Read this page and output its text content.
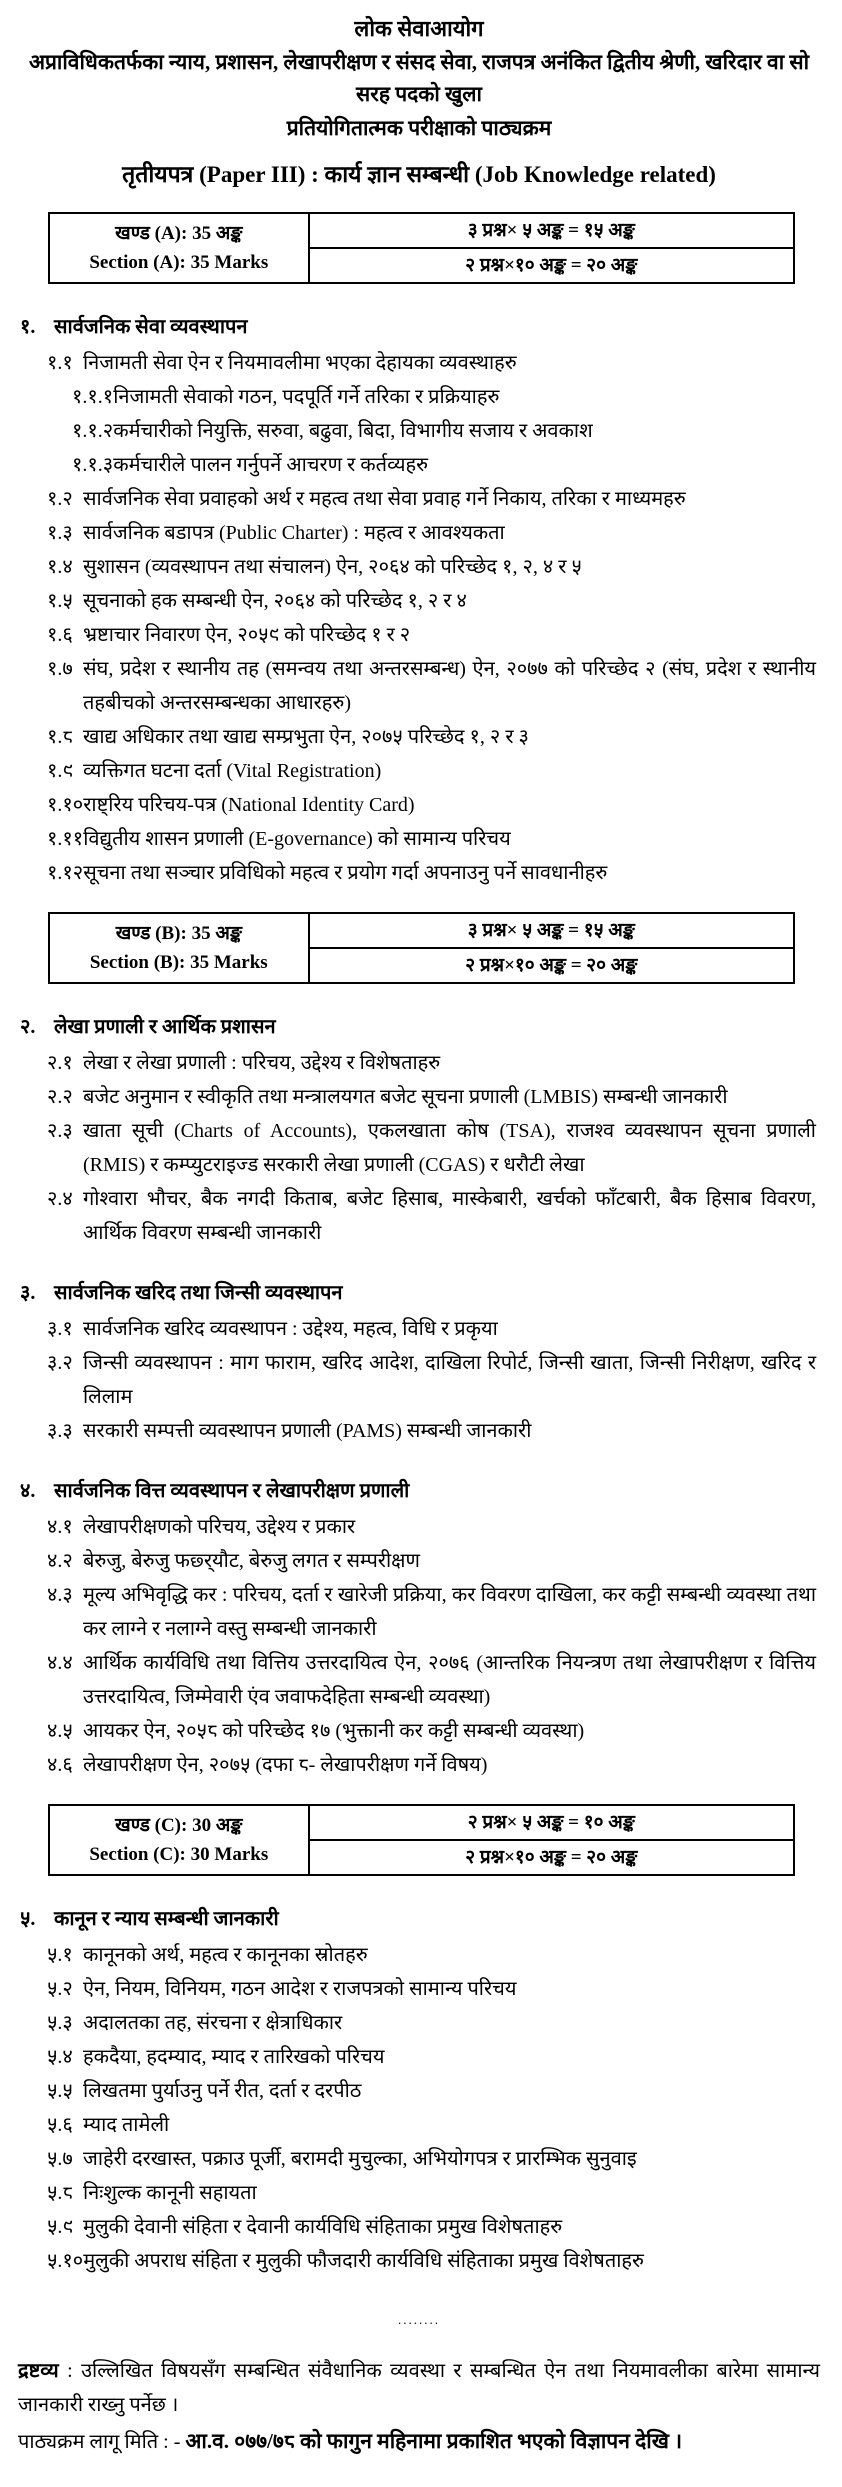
लोक सेवाआयोग
अप्राविधिकतर्फका न्याय, प्रशासन, लेखापरीक्षण र संसद सेवा, राजपत्र अनंकित द्वितीय श्रेणी, खरिदार वा सो सरह पदको खुला
प्रतियोगितात्मक परीक्षाको पाठ्यक्रम
तृतीयपत्र (Paper III) : कार्य ज्ञान सम्बन्धी (Job Knowledge related)
खण्ड (A): 35 अङ्क
Section (A): 35 Marks
	३ प्रश्न× ५ अङ्क = १५ अङ्क
२ प्रश्न×१० अङ्क = २० अङ्क
१. सार्वजनिक सेवा व्यवस्थापन
१.१ निजामती सेवा ऐन र नियमावलीमा भएका देहायका व्यवस्थाहरु
१.१.१ निजामती सेवाको गठन, पदपूर्ति गर्ने तरिका र प्रक्रियाहरु
१.१.२ कर्मचारीको नियुक्ति, सरुवा, बढुवा, बिदा, विभागीय सजाय र अवकाश
१.१.३ कर्मचारीले पालन गर्नुपर्ने आचरण र कर्तव्यहरु
१.२ सार्वजनिक सेवा प्रवाहको अर्थ र महत्व तथा सेवा प्रवाह गर्ने निकाय, तरिका र माध्यमहरु
१.३ सार्वजनिक बडापत्र (Public Charter) : महत्व र आवश्यकता
१.४ सुशासन (व्यवस्थापन तथा संचालन) ऐन, २०६४ को परिच्छेद १, २, ४ र ५
१.५ सूचनाको हक सम्बन्धी ऐन, २०६४ को परिच्छेद १, २ र ४
१.६ भ्रष्टाचार निवारण ऐन, २०५९ को परिच्छेद १ र २
१.७ संघ, प्रदेश र स्थानीय तह (समन्वय तथा अन्तरसम्बन्ध) ऐन, २०७७ को परिच्छेद २ (संघ, प्रदेश र स्थानीय तहबीचको अन्तरसम्बन्धका आधारहरु)
१.८ खाद्य अधिकार तथा खाद्य सम्प्रभुता ऐन, २०७५ परिच्छेद १, २ र ३
१.९ व्यक्तिगत घटना दर्ता (Vital Registration)
१.१० राष्ट्रिय परिचय-पत्र (National Identity Card)
१.११ विद्युतीय शासन प्रणाली (E-governance) को सामान्य परिचय
१.१२ सूचना तथा सञ्चार प्रविधिको महत्व र प्रयोग गर्दा अपनाउनु पर्ने सावधानीहरु
खण्ड (B): 35 अङ्क
Section (B): 35 Marks
	३ प्रश्न× ५ अङ्क = १५ अङ्क
२ प्रश्न×१० अङ्क = २० अङ्क
२. लेखा प्रणाली र आर्थिक प्रशासन
२.१ लेखा र लेखा प्रणाली : परिचय, उद्देश्य र विशेषताहरु
२.२ बजेट अनुमान र स्वीकृति तथा मन्त्रालयगत बजेट सूचना प्रणाली (LMBIS) सम्बन्धी जानकारी
२.३ खाता सूची (Charts of Accounts), एकलखाता कोष (TSA), राजश्व व्यवस्थापन सूचना प्रणाली (RMIS) र कम्प्युटराइज्ड सरकारी लेखा प्रणाली (CGAS) र धरौटी लेखा
२.४ गोश्वारा भौचर, बैक नगदी किताब, बजेट हिसाब, मास्केबारी, खर्चको फाँटबारी, बैक हिसाब विवरण, आर्थिक विवरण सम्बन्धी जानकारी
३. सार्वजनिक खरिद तथा जिन्सी व्यवस्थापन
३.१ सार्वजनिक खरिद व्यवस्थापन : उद्देश्य, महत्व, विधि र प्रकृया
३.२ जिन्सी व्यवस्थापन : माग फाराम, खरिद आदेश, दाखिला रिपोर्ट, जिन्सी खाता, जिन्सी निरीक्षण, खरिद र लिलाम
३.३ सरकारी सम्पत्ती व्यवस्थापन प्रणाली (PAMS) सम्बन्धी जानकारी
४. सार्वजनिक वित्त व्यवस्थापन र लेखापरीक्षण प्रणाली
४.१ लेखापरीक्षणको परिचय, उद्देश्य र प्रकार
४.२ बेरुजु, बेरुजु फछ्र्यौट, बेरुजु लगत र सम्परीक्षण
४.३ मूल्य अभिवृद्धि कर : परिचय, दर्ता र खारेजी प्रक्रिया, कर विवरण दाखिला, कर कट्टी सम्बन्धी व्यवस्था तथा कर लाग्ने र नलाग्ने वस्तु सम्बन्धी जानकारी
४.४ आर्थिक कार्यविधि तथा वित्तिय उत्तरदायित्व ऐन, २०७६ (आन्तरिक नियन्त्रण तथा लेखापरीक्षण र वित्तिय उत्तरदायित्व, जिम्मेवारी एंव जवाफदेहिता सम्बन्धी व्यवस्था)
४.५ आयकर ऐन, २०५८ को परिच्छेद १७ (भुक्तानी कर कट्टी सम्बन्धी व्यवस्था)
४.६ लेखापरीक्षण ऐन, २०७५ (दफा ८- लेखापरीक्षण गर्ने विषय)
खण्ड (C): 30 अङ्क
Section (C): 30 Marks
	२ प्रश्न× ५ अङ्क = १० अङ्क
२ प्रश्न×१० अङ्क = २० अङ्क
५. कानून र न्याय सम्बन्धी जानकारी
५.१ कानूनको अर्थ, महत्व र कानूनका स्रोतहरु
५.२ ऐन, नियम, विनियम, गठन आदेश र राजपत्रको सामान्य परिचय
५.३ अदालतका तह, संरचना र क्षेत्राधिकार
५.४ हकदैया, हदम्याद, म्याद र तारिखको परिचय
५.५ लिखतमा पुर्याउनु पर्ने रीत, दर्ता र दरपीठ
५.६ म्याद तामेली
५.७ जाहेरी दरखास्त, पक्राउ पूर्जी, बरामदी मुचुल्का, अभियोगपत्र र प्रारम्भिक सुनुवाइ
५.८ निःशुल्क कानूनी सहायता
५.९ मुलुकी देवानी संहिता र देवानी कार्यविधि संहिताका प्रमुख विशेषताहरु
५.१० मुलुकी अपराध संहिता र मुलुकी फौजदारी कार्यविधि संहिताका प्रमुख विशेषताहरु
........

द्रष्टव्य : उल्लिखित विषयसँग सम्बन्धित संवैधानिक व्यवस्था र सम्बन्धित ऐन तथा नियमावलीका बारेमा सामान्य जानकारी राख्नु पर्नेछ ।

पाठ्यक्रम लागू मिति : - आ.व. ०७७/७८ को फागुन महिनामा प्रकाशित भएको विज्ञापन देखि ।
